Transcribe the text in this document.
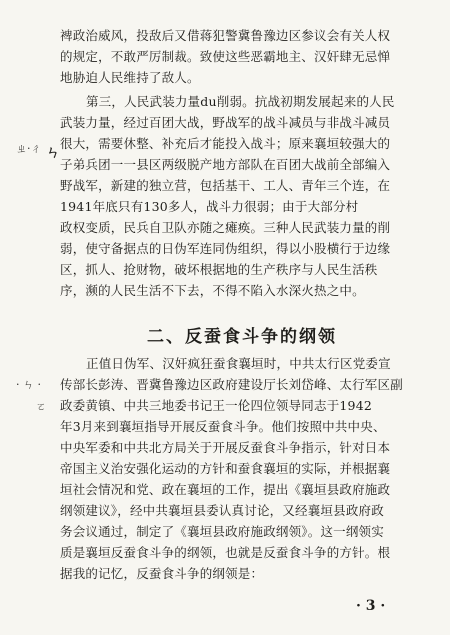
ㄓ·ㄔ ㄣ
· ㄣ ·
ㄛ

裨政治威风，投敌后又借蒋犯警冀鲁豫边区参议会有关人权

的规定，不敢严厉制裁。致使这些恶霸地主、汉奸肆无忌惮

地胁迫人民维持了敌人。

第三，人民武装力量du削弱。抗战初期发展起来的人民

武装力量，经过百团大战，野战军的战斗减员与非战斗减员

很大，需要休整、补充后才能投入战斗；原来襄垣较强大的

子弟兵团一一县区两级脱产地方部队在百团大战前全部编入

野战军，新建的独立营，包括基干、工人、青年三个连，在

1941年底只有130多人，战斗力很弱；由于大部分村

政权变质，民兵自卫队亦随之瘫痪。三种人民武装力量的削

弱，使守备据点的日伪军连同伪组织，得以小股横行于边缘

区，抓人、抢财物，破坏根据地的生产秩序与人民生活秩

序，濒的人民生活不下去，不得不陷入水深火热之中。

二、反蚕食斗争的纲领

正值日伪军、汉奸疯狂蚕食襄垣时，中共太行区党委宣

传部长彭涛、晋冀鲁豫边区政府建设厅长刘岱峰、太行军区副

政委黄镇、中共三地委书记王一伦四位领导同志于1942

年3月来到襄垣指导开展反蚕食斗争。他们按照中共中央、

中央军委和中共北方局关于开展反蚕食斗争指示，针对日本

帝国主义治安强化运动的方针和蚕食襄垣的实际，并根据襄

垣社会情况和党、政在襄垣的工作，提出《襄垣县政府施政

纲领建议》，经中共襄垣县委认真讨论，又经襄垣县政府政

务会议通过，制定了《襄垣县政府施政纲领》。这一纲领实

质是襄垣反蚕食斗争的纲领，也就是反蚕食斗争的方针。根

据我的记忆，反蚕食斗争的纲领是：

· 3 ·
